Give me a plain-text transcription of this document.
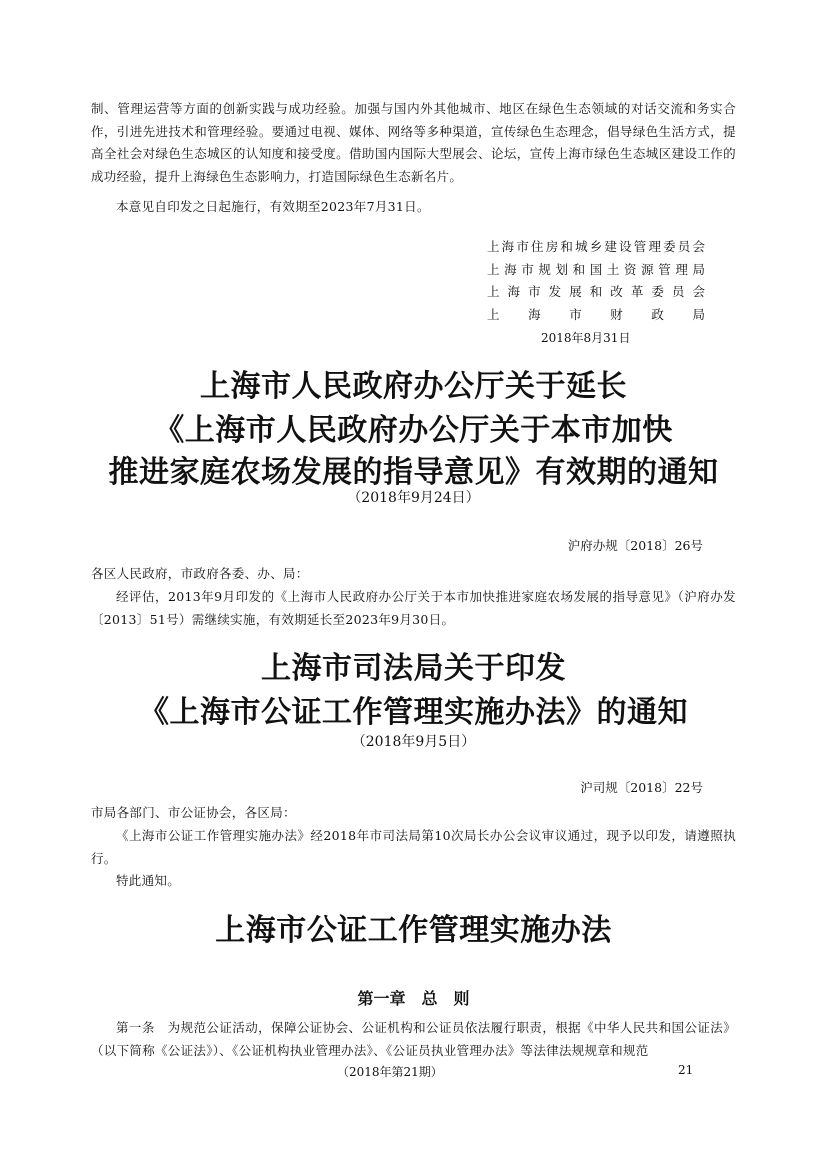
制、管理运营等方面的创新实践与成功经验。加强与国内外其他城市、地区在绿色生态领域的对话交流和务实合作，引进先进技术和管理经验。要通过电视、媒体、网络等多种渠道，宣传绿色生态理念，倡导绿色生活方式，提高全社会对绿色生态城区的认知度和接受度。借助国内国际大型展会、论坛，宣传上海市绿色生态城区建设工作的成功经验，提升上海绿色生态影响力，打造国际绿色生态新名片。
本意见自印发之日起施行，有效期至2023年7月31日。
上海市住房和城乡建设管理委员会
上海市规划和国土资源管理局
上海市发展和改革委员会
上海市财政局
2018年8月31日
上海市人民政府办公厅关于延长
《上海市人民政府办公厅关于本市加快
推进家庭农场发展的指导意见》有效期的通知
（2018年9月24日）
沪府办规〔2018〕26号
各区人民政府，市政府各委、办、局：
经评估，2013年9月印发的《上海市人民政府办公厅关于本市加快推进家庭农场发展的指导意见》（沪府办发〔2013〕51号）需继续实施，有效期延长至2023年9月30日。
上海市司法局关于印发
《上海市公证工作管理实施办法》的通知
（2018年9月5日）
沪司规〔2018〕22号
市局各部门、市公证协会，各区局：
《上海市公证工作管理实施办法》经2018年市司法局第10次局长办公会议审议通过，现予以印发，请遵照执行。
特此通知。
上海市公证工作管理实施办法
第一章　总　则
第一条　为规范公证活动，保障公证协会、公证机构和公证员依法履行职责，根据《中华人民共和国公证法》（以下简称《公证法》）、《公证机构执业管理办法》、《公证员执业管理办法》等法律法规规章和规范
（2018年第21期）	21
